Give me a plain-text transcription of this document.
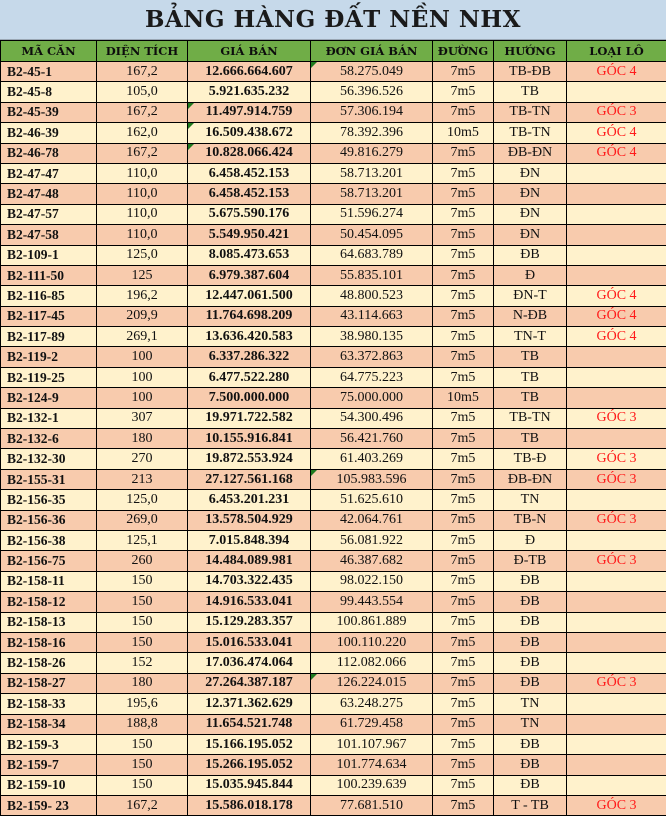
BẢNG HÀNG ĐẤT NỀN NHX
MÃ CĂN	DIỆN TÍCH	GIÁ BÁN	ĐƠN GIÁ BÁN	ĐƯỜNG	HƯỚNG	LOẠI LÔ
B2-45-1	167,2	12.666.664.607	58.275.049	7m5	TB-ĐB	GÓC 4
B2-45-8	105,0	5.921.635.232	56.396.526	7m5	TB	
B2-45-39	167,2	11.497.914.759	57.306.194	7m5	TB-TN	GÓC 3
B2-46-39	162,0	16.509.438.672	78.392.396	10m5	TB-TN	GÓC 4
B2-46-78	167,2	10.828.066.424	49.816.279	7m5	ĐB-ĐN	GÓC 4
B2-47-47	110,0	6.458.452.153	58.713.201	7m5	ĐN	
B2-47-48	110,0	6.458.452.153	58.713.201	7m5	ĐN	
B2-47-57	110,0	5.675.590.176	51.596.274	7m5	ĐN	
B2-47-58	110,0	5.549.950.421	50.454.095	7m5	ĐN	
B2-109-1	125,0	8.085.473.653	64.683.789	7m5	ĐB	
B2-111-50	125	6.979.387.604	55.835.101	7m5	Đ	
B2-116-85	196,2	12.447.061.500	48.800.523	7m5	ĐN-T	GÓC 4
B2-117-45	209,9	11.764.698.209	43.114.663	7m5	N-ĐB	GÓC 4
B2-117-89	269,1	13.636.420.583	38.980.135	7m5	TN-T	GÓC 4
B2-119-2	100	6.337.286.322	63.372.863	7m5	TB	
B2-119-25	100	6.477.522.280	64.775.223	7m5	TB	
B2-124-9	100	7.500.000.000	75.000.000	10m5	TB	
B2-132-1	307	19.971.722.582	54.300.496	7m5	TB-TN	GÓC 3
B2-132-6	180	10.155.916.841	56.421.760	7m5	TB	
B2-132-30	270	19.872.553.924	61.403.269	7m5	TB-Đ	GÓC 3
B2-155-31	213	27.127.561.168	105.983.596	7m5	ĐB-ĐN	GÓC 3
B2-156-35	125,0	6.453.201.231	51.625.610	7m5	TN	
B2-156-36	269,0	13.578.504.929	42.064.761	7m5	TB-N	GÓC 3
B2-156-38	125,1	7.015.848.394	56.081.922	7m5	Đ	
B2-156-75	260	14.484.089.981	46.387.682	7m5	Đ-TB	GÓC 3
B2-158-11	150	14.703.322.435	98.022.150	7m5	ĐB	
B2-158-12	150	14.916.533.041	99.443.554	7m5	ĐB	
B2-158-13	150	15.129.283.357	100.861.889	7m5	ĐB	
B2-158-16	150	15.016.533.041	100.110.220	7m5	ĐB	
B2-158-26	152	17.036.474.064	112.082.066	7m5	ĐB	
B2-158-27	180	27.264.387.187	126.224.015	7m5	ĐB	GÓC 3
B2-158-33	195,6	12.371.362.629	63.248.275	7m5	TN	
B2-158-34	188,8	11.654.521.748	61.729.458	7m5	TN	
B2-159-3	150	15.166.195.052	101.107.967	7m5	ĐB	
B2-159-7	150	15.266.195.052	101.774.634	7m5	ĐB	
B2-159-10	150	15.035.945.844	100.239.639	7m5	ĐB	
B2-159- 23	167,2	15.586.018.178	77.681.510	7m5	T - TB	GÓC 3
